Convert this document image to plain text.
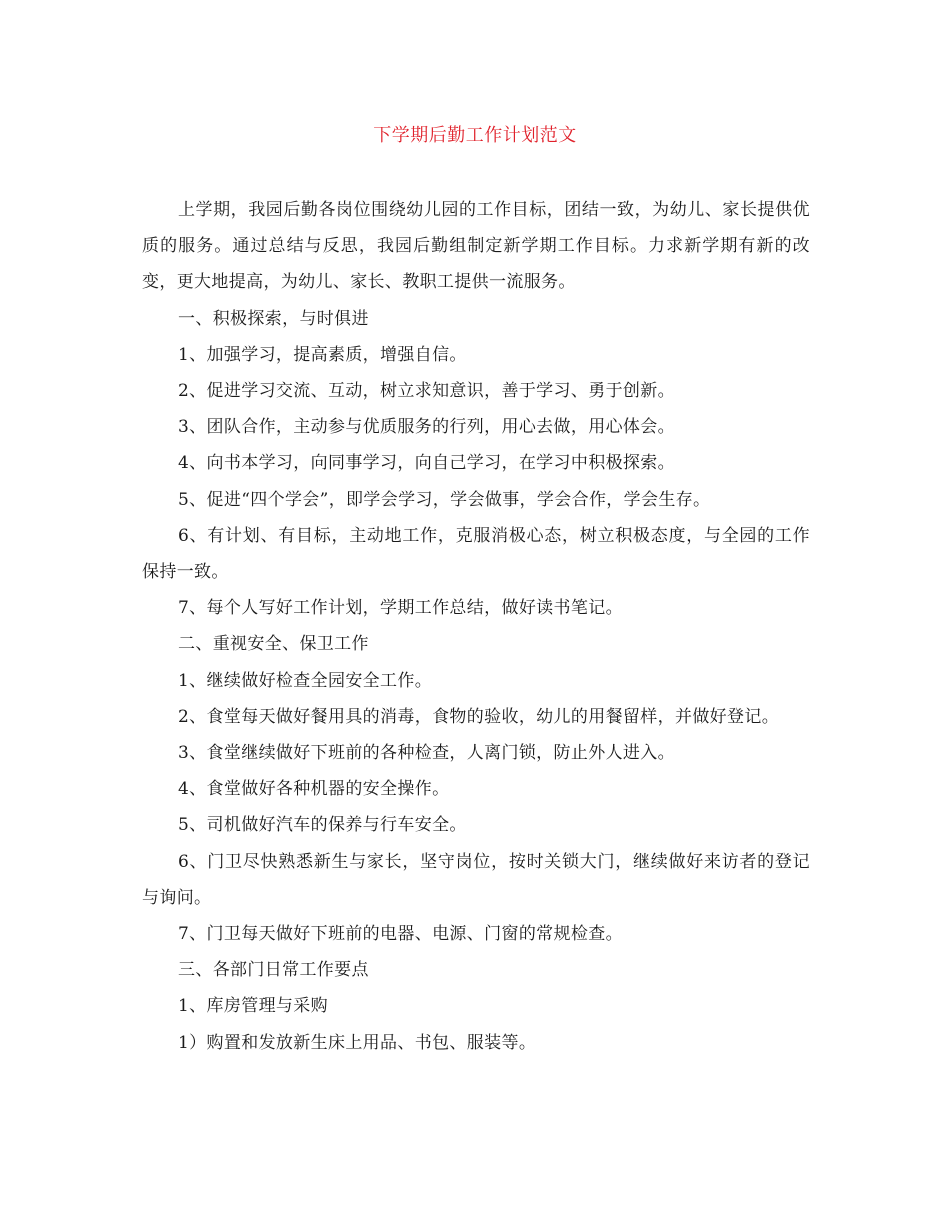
下学期后勤工作计划范文

上学期，我园后勤各岗位围绕幼儿园的工作目标，团结一致，为幼儿、家长提供优质的服务。通过总结与反思，我园后勤组制定新学期工作目标。力求新学期有新的改变，更大地提高，为幼儿、家长、教职工提供一流服务。

一、积极探索，与时俱进

1、加强学习，提高素质，增强自信。

2、促进学习交流、互动，树立求知意识，善于学习、勇于创新。

3、团队合作，主动参与优质服务的行列，用心去做，用心体会。

4、向书本学习，向同事学习，向自己学习，在学习中积极探索。

5、促进“四个学会”，即学会学习，学会做事，学会合作，学会生存。

6、有计划、有目标，主动地工作，克服消极心态，树立积极态度，与全园的工作保持一致。

7、每个人写好工作计划，学期工作总结，做好读书笔记。

二、重视安全、保卫工作

1、继续做好检查全园安全工作。

2、食堂每天做好餐用具的消毒，食物的验收，幼儿的用餐留样，并做好登记。

3、食堂继续做好下班前的各种检查，人离门锁，防止外人进入。

4、食堂做好各种机器的安全操作。

5、司机做好汽车的保养与行车安全。

6、门卫尽快熟悉新生与家长，坚守岗位，按时关锁大门，继续做好来访者的登记与询问。

7、门卫每天做好下班前的电器、电源、门窗的常规检查。

三、各部门日常工作要点

1、库房管理与采购

1）购置和发放新生床上用品、书包、服装等。
